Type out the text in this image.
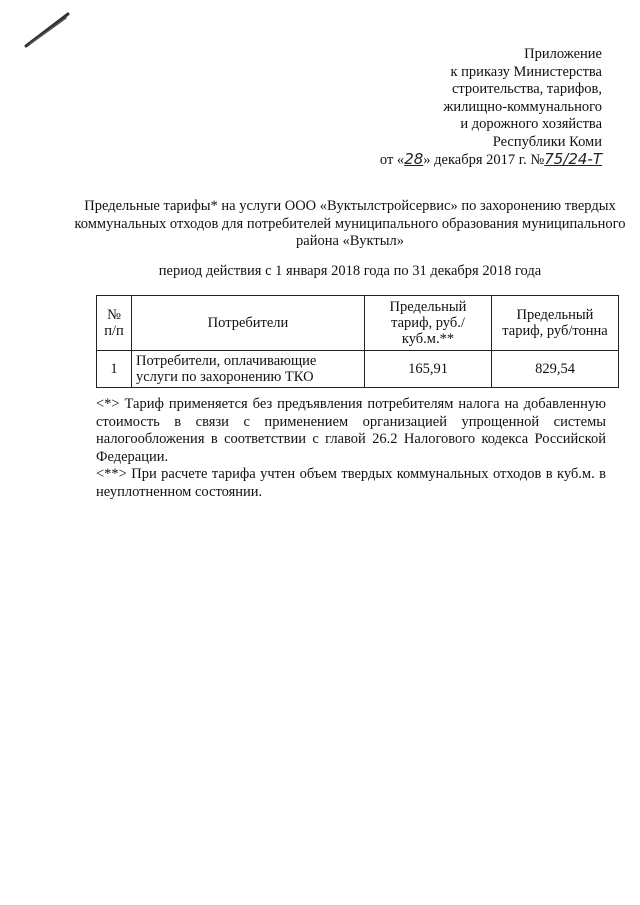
Приложение
к приказу Министерства
строительства, тарифов,
жилищно-коммунального
и дорожного хозяйства
Республики Коми
от «28» декабря 2017 г. №75/24-Т
Предельные тарифы* на услуги ООО «Вуктылстройсервис» по захоронению твердых коммунальных отходов для потребителей муниципального образования муниципального района «Вуктыл»
период действия с 1 января 2018 года по 31 декабря 2018 года
№ п/п	Потребители	Предельный тариф, руб./куб.м.**	Предельный тариф, руб/тонна
1	Потребители, оплачивающие услуги по захоронению ТКО	165,91	829,54

<*> Тариф применяется без предъявления потребителям налога на добавленную стоимость в связи с применением организацией упрощенной системы налогообложения в соответствии с главой 26.2 Налогового кодекса Российской Федерации.

<**> При расчете тарифа учтен объем твердых коммунальных отходов в куб.м. в неуплотненном состоянии.
